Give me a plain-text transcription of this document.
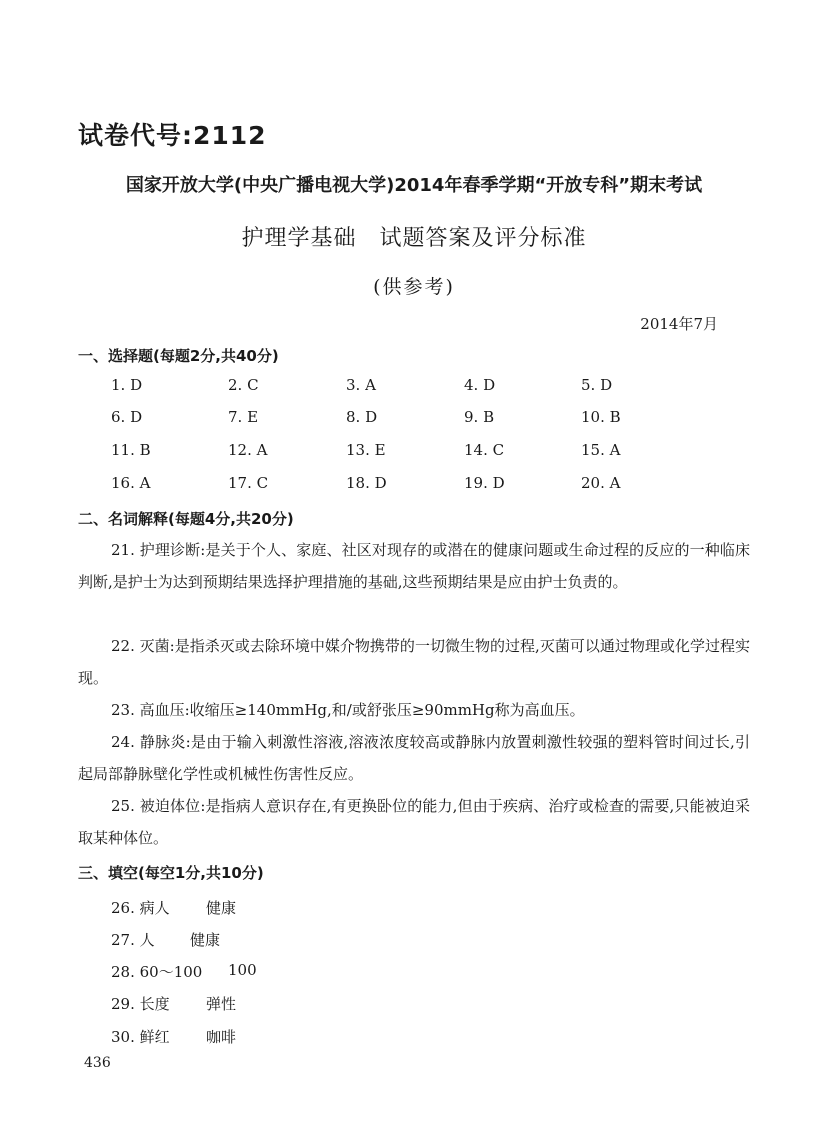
试卷代号:2112
国家开放大学(中央广播电视大学)2014年春季学期“开放专科”期末考试
护理学基础　试题答案及评分标准
(供参考)
2014年7月
一、选择题(每题2分,共40分)
1. D	2. C	3. A	4. D	5. D
6. D	7. E	8. D	9. B	10. B
11. B	12. A	13. E	14. C	15. A
16. A	17. C	18. D	19. D	20. A
二、名词解释(每题4分,共20分)
21. 护理诊断:是关于个人、家庭、社区对现存的或潜在的健康问题或生命过程的反应的一种临床判断,是护士为达到预期结果选择护理措施的基础,这些预期结果是应由护士负责的。
22. 灭菌:是指杀灭或去除环境中媒介物携带的一切微生物的过程,灭菌可以通过物理或化学过程实现。
23. 高血压:收缩压≥140mmHg,和/或舒张压≥90mmHg称为高血压。
24. 静脉炎:是由于输入刺激性溶液,溶液浓度较高或静脉内放置刺激性较强的塑料管时间过长,引起局部静脉壁化学性或机械性伤害性反应。
25. 被迫体位:是指病人意识存在,有更换卧位的能力,但由于疾病、治疗或检查的需要,只能被迫采取某种体位。
三、填空(每空1分,共10分)
26. 病人 健康
27. 人 健康
28. 60～100 100
29. 长度 弹性
30. 鲜红 咖啡
436
